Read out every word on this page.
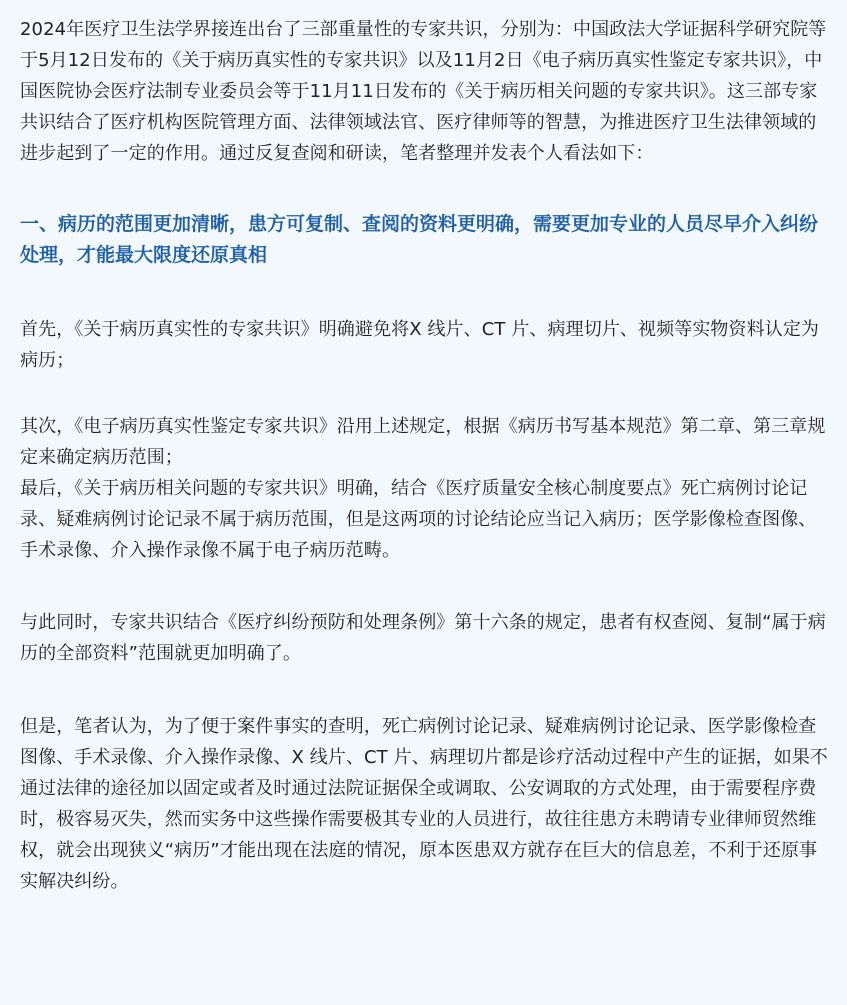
2024年医疗卫生法学界接连出台了三部重量性的专家共识，分别为：中国政法大学证据科学研究院等于5月12日发布的《关于病历真实性的专家共识》以及11月2日《电子病历真实性鉴定专家共识》，中国医院协会医疗法制专业委员会等于11月11日发布的《关于病历相关问题的专家共识》。这三部专家共识结合了医疗机构医院管理方面、法律领域法官、医疗律师等的智慧，为推进医疗卫生法律领域的进步起到了一定的作用。通过反复查阅和研读，笔者整理并发表个人看法如下：

一、病历的范围更加清晰，患方可复制、查阅的资料更明确，需要更加专业的人员尽早介入纠纷处理，才能最大限度还原真相

首先，《关于病历真实性的专家共识》明确避免将X 线片、CT 片、病理切片、视频等实物资料认定为病历；

其次，《电子病历真实性鉴定专家共识》沿用上述规定，根据《病历书写基本规范》第二章、第三章规定来确定病历范围；

最后，《关于病历相关问题的专家共识》明确，结合《医疗质量安全核心制度要点》死亡病例讨论记录、疑难病例讨论记录不属于病历范围，但是这两项的讨论结论应当记入病历；医学影像检查图像、手术录像、介入操作录像不属于电子病历范畴。

与此同时，专家共识结合《医疗纠纷预防和处理条例》第十六条的规定，患者有权查阅、复制“属于病历的全部资料”范围就更加明确了。

但是，笔者认为，为了便于案件事实的查明，死亡病例讨论记录、疑难病例讨论记录、医学影像检查图像、手术录像、介入操作录像、X 线片、CT 片、病理切片都是诊疗活动过程中产生的证据，如果不通过法律的途径加以固定或者及时通过法院证据保全或调取、公安调取的方式处理，由于需要程序费时，极容易灭失，然而实务中这些操作需要极其专业的人员进行，故往往患方未聘请专业律师贸然维权，就会出现狭义“病历”才能出现在法庭的情况，原本医患双方就存在巨大的信息差，不利于还原事实解决纠纷。
